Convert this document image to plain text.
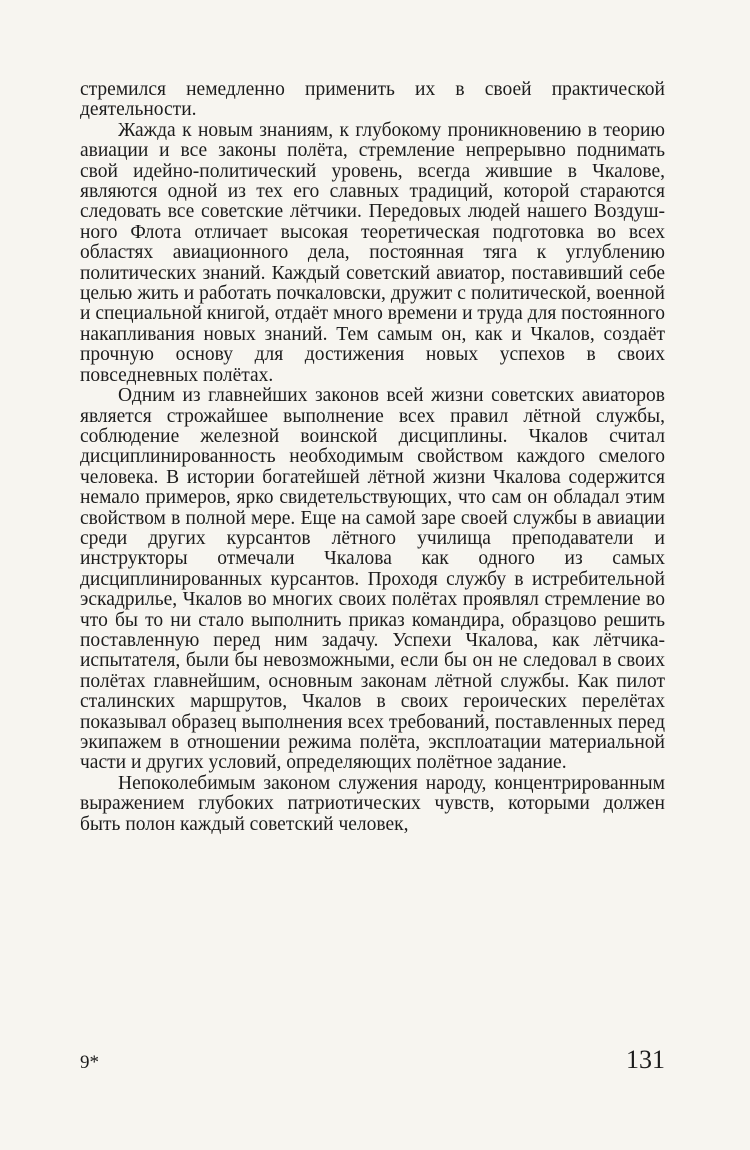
стремился немедленно применить их в своей практической деятельности.

Жажда к новым знаниям, к глубокому проникновению в теорию авиации и все законы полёта, стремление непрерывно поднимать свой идейно-политический уровень, всегда жившие в Чкалове, являются одной из тех его славных традиций, которой стараются следовать все советские лётчики. Передовых людей нашего Воздушного Флота отличает высокая теоретическая подготовка во всех областях авиационного дела, постоянная тяга к углублению политических знаний. Каждый советский авиатор, поставивший себе целью жить и работать почкаловски, дружит с политической, военной и специальной книгой, отдаёт много времени и труда для постоянного накапливания новых знаний. Тем самым он, как и Чкалов, создаёт прочную основу для достижения новых успехов в своих повседневных полётах.

Одним из главнейших законов всей жизни советских авиаторов является строжайшее выполнение всех правил лётной службы, соблюдение железной воинской дисциплины. Чкалов считал дисциплинированность необходимым свойством каждого смелого человека. В истории богатейшей лётной жизни Чкалова содержится немало примеров, ярко свидетельствующих, что сам он обладал этим свойством в полной мере. Еще на самой заре своей службы в авиации среди других курсантов лётного училища преподаватели и инструкторы отмечали Чкалова как одного из самых дисциплинированных курсантов. Проходя службу в истребительной эскадрилье, Чкалов во многих своих полётах проявлял стремление во что бы то ни стало выполнить приказ командира, образцово решить поставленную перед ним задачу. Успехи Чкалова, как лётчика-испытателя, были бы невозможными, если бы он не следовал в своих полётах главнейшим, основным законам лётной службы. Как пилот сталинских маршрутов, Чкалов в своих героических перелётах показывал образец выполнения всех требований, поставленных перед экипажем в отношении режима полёта, эксплоатации материальной части и других условий, определяющих полётное задание.

Непоколебимым законом служения народу, концентрированным выражением глубоких патриотических чувств, которыми должен быть полон каждый советский человек,

9*	131
